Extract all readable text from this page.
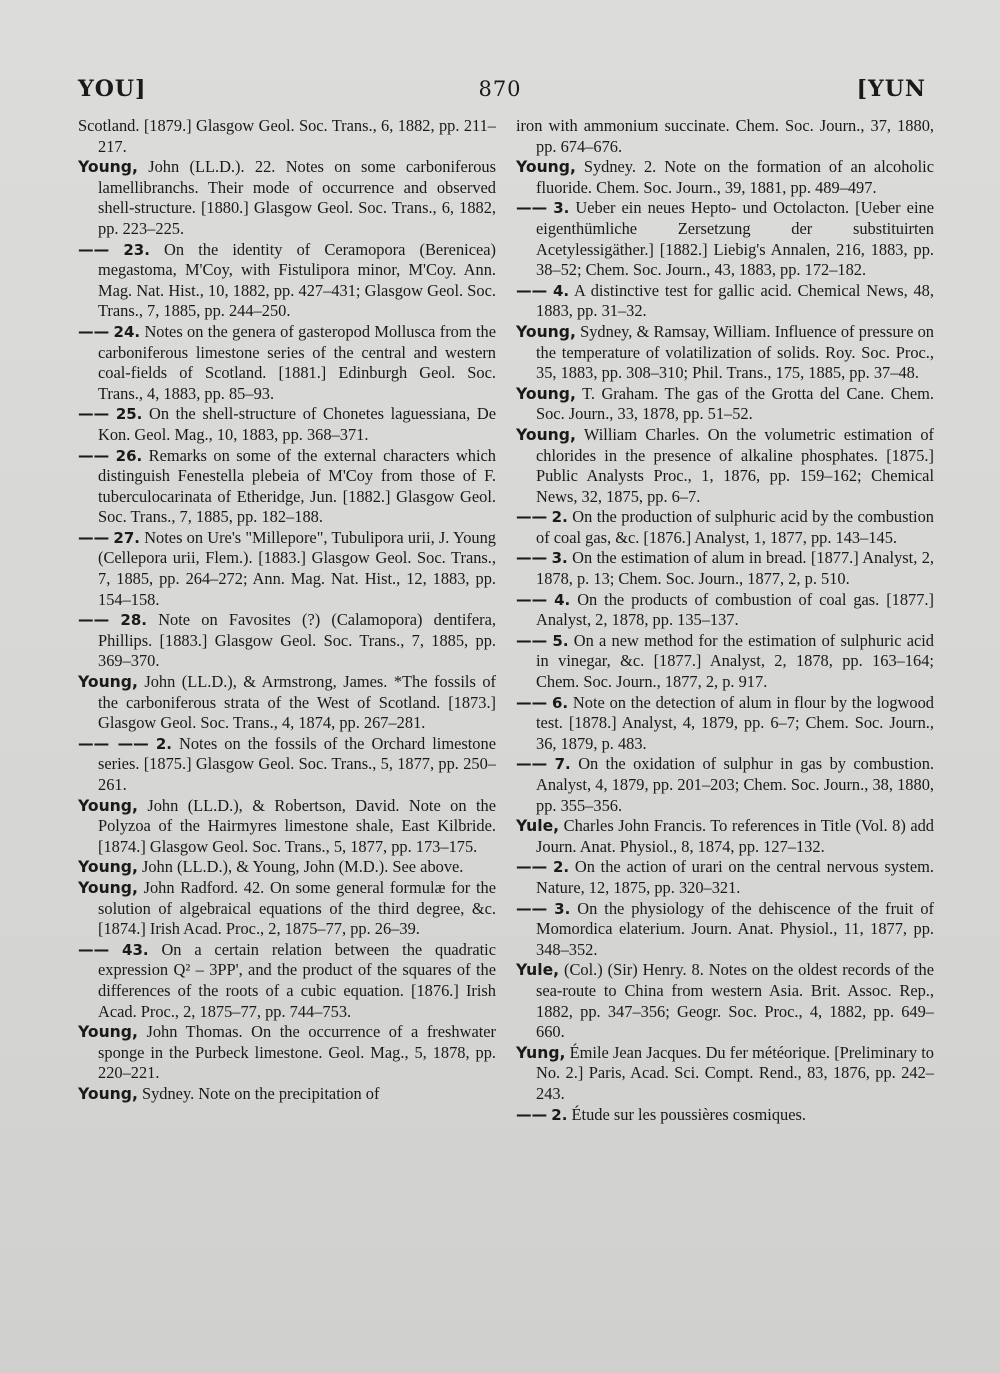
YOU]	870	[YUN

Scotland. [1879.] Glasgow Geol. Soc. Trans., 6, 1882, pp. 211–217.

Young, John (LL.D.). 22. Notes on some carboniferous lamellibranchs. Their mode of occurrence and observed shell-structure. [1880.] Glasgow Geol. Soc. Trans., 6, 1882, pp. 223–225.

—— 23. On the identity of Ceramopora (Berenicea) megastoma, M'Coy, with Fistulipora minor, M'Coy. Ann. Mag. Nat. Hist., 10, 1882, pp. 427–431; Glasgow Geol. Soc. Trans., 7, 1885, pp. 244–250.

—— 24. Notes on the genera of gasteropod Mollusca from the carboniferous limestone series of the central and western coal-fields of Scotland. [1881.] Edinburgh Geol. Soc. Trans., 4, 1883, pp. 85–93.

—— 25. On the shell-structure of Chonetes laguessiana, De Kon. Geol. Mag., 10, 1883, pp. 368–371.

—— 26. Remarks on some of the external characters which distinguish Fenestella plebeia of M'Coy from those of F. tuberculocarinata of Etheridge, Jun. [1882.] Glasgow Geol. Soc. Trans., 7, 1885, pp. 182–188.

—— 27. Notes on Ure's "Millepore", Tubulipora urii, J. Young (Cellepora urii, Flem.). [1883.] Glasgow Geol. Soc. Trans., 7, 1885, pp. 264–272; Ann. Mag. Nat. Hist., 12, 1883, pp. 154–158.

—— 28. Note on Favosites (?) (Calamopora) dentifera, Phillips. [1883.] Glasgow Geol. Soc. Trans., 7, 1885, pp. 369–370.

Young, John (LL.D.), & Armstrong, James. *The fossils of the carboniferous strata of the West of Scotland. [1873.] Glasgow Geol. Soc. Trans., 4, 1874, pp. 267–281.

—— —— 2. Notes on the fossils of the Orchard limestone series. [1875.] Glasgow Geol. Soc. Trans., 5, 1877, pp. 250–261.

Young, John (LL.D.), & Robertson, David. Note on the Polyzoa of the Hairmyres limestone shale, East Kilbride. [1874.] Glasgow Geol. Soc. Trans., 5, 1877, pp. 173–175.

Young, John (LL.D.), & Young, John (M.D.). See above.

Young, John Radford. 42. On some general formulæ for the solution of algebraical equations of the third degree, &c. [1874.] Irish Acad. Proc., 2, 1875–77, pp. 26–39.

—— 43. On a certain relation between the quadratic expression Q² – 3PP', and the product of the squares of the differences of the roots of a cubic equation. [1876.] Irish Acad. Proc., 2, 1875–77, pp. 744–753.

Young, John Thomas. On the occurrence of a freshwater sponge in the Purbeck limestone. Geol. Mag., 5, 1878, pp. 220–221.

Young, Sydney. Note on the precipitation of

iron with ammonium succinate. Chem. Soc. Journ., 37, 1880, pp. 674–676.

Young, Sydney. 2. Note on the formation of an alcoholic fluoride. Chem. Soc. Journ., 39, 1881, pp. 489–497.

—— 3. Ueber ein neues Hepto- und Octolacton. [Ueber eine eigenthümliche Zersetzung der substituirten Acetylessigäther.] [1882.] Liebig's Annalen, 216, 1883, pp. 38–52; Chem. Soc. Journ., 43, 1883, pp. 172–182.

—— 4. A distinctive test for gallic acid. Chemical News, 48, 1883, pp. 31–32.

Young, Sydney, & Ramsay, William. Influence of pressure on the temperature of volatilization of solids. Roy. Soc. Proc., 35, 1883, pp. 308–310; Phil. Trans., 175, 1885, pp. 37–48.

Young, T. Graham. The gas of the Grotta del Cane. Chem. Soc. Journ., 33, 1878, pp. 51–52.

Young, William Charles. On the volumetric estimation of chlorides in the presence of alkaline phosphates. [1875.] Public Analysts Proc., 1, 1876, pp. 159–162; Chemical News, 32, 1875, pp. 6–7.

—— 2. On the production of sulphuric acid by the combustion of coal gas, &c. [1876.] Analyst, 1, 1877, pp. 143–145.

—— 3. On the estimation of alum in bread. [1877.] Analyst, 2, 1878, p. 13; Chem. Soc. Journ., 1877, 2, p. 510.

—— 4. On the products of combustion of coal gas. [1877.] Analyst, 2, 1878, pp. 135–137.

—— 5. On a new method for the estimation of sulphuric acid in vinegar, &c. [1877.] Analyst, 2, 1878, pp. 163–164; Chem. Soc. Journ., 1877, 2, p. 917.

—— 6. Note on the detection of alum in flour by the logwood test. [1878.] Analyst, 4, 1879, pp. 6–7; Chem. Soc. Journ., 36, 1879, p. 483.

—— 7. On the oxidation of sulphur in gas by combustion. Analyst, 4, 1879, pp. 201–203; Chem. Soc. Journ., 38, 1880, pp. 355–356.

Yule, Charles John Francis. To references in Title (Vol. 8) add Journ. Anat. Physiol., 8, 1874, pp. 127–132.

—— 2. On the action of urari on the central nervous system. Nature, 12, 1875, pp. 320–321.

—— 3. On the physiology of the dehiscence of the fruit of Momordica elaterium. Journ. Anat. Physiol., 11, 1877, pp. 348–352.

Yule, (Col.) (Sir) Henry. 8. Notes on the oldest records of the sea-route to China from western Asia. Brit. Assoc. Rep., 1882, pp. 347–356; Geogr. Soc. Proc., 4, 1882, pp. 649–660.

Yung, Émile Jean Jacques. Du fer météorique. [Preliminary to No. 2.] Paris, Acad. Sci. Compt. Rend., 83, 1876, pp. 242–243.

—— 2. Étude sur les poussières cosmiques.
